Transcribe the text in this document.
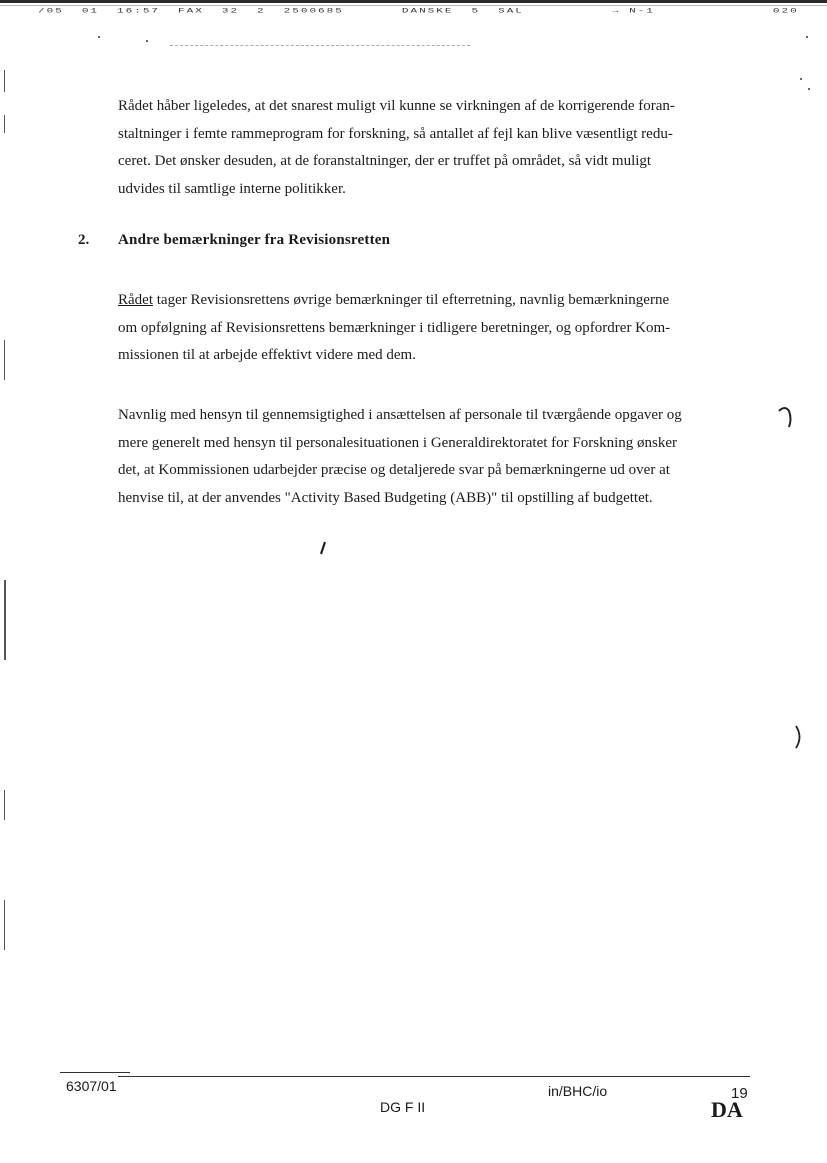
/05 01 16:57 FAX 32 2 2500685	DANSKE 5 SAL	→ N-1	020

Rådet håber ligeledes, at det snarest muligt vil kunne se virkningen af de korrigerende foran-
staltninger i femte rammeprogram for forskning, så antallet af fejl kan blive væsentligt redu-
ceret. Det ønsker desuden, at de foranstaltninger, der er truffet på området, så vidt muligt
udvides til samtlige interne politikker.

2. Andre bemærkninger fra Revisionsretten

Rådet tager Revisionsrettens øvrige bemærkninger til efterretning, navnlig bemærkningerne
om opfølgning af Revisionsrettens bemærkninger i tidligere beretninger, og opfordrer Kom-
missionen til at arbejde effektivt videre med dem.

Navnlig med hensyn til gennemsigtighed i ansættelsen af personale til tværgående opgaver og
mere generelt med hensyn til personalesituationen i Generaldirektoratet for Forskning ønsker
det, at Kommissionen udarbejder præcise og detaljerede svar på bemærkningerne ud over at
henvise til, at der anvendes "Activity Based Budgeting (ABB)" til opstilling af budgettet.

6307/01	in/BHC/io	19
DG F II	DA
